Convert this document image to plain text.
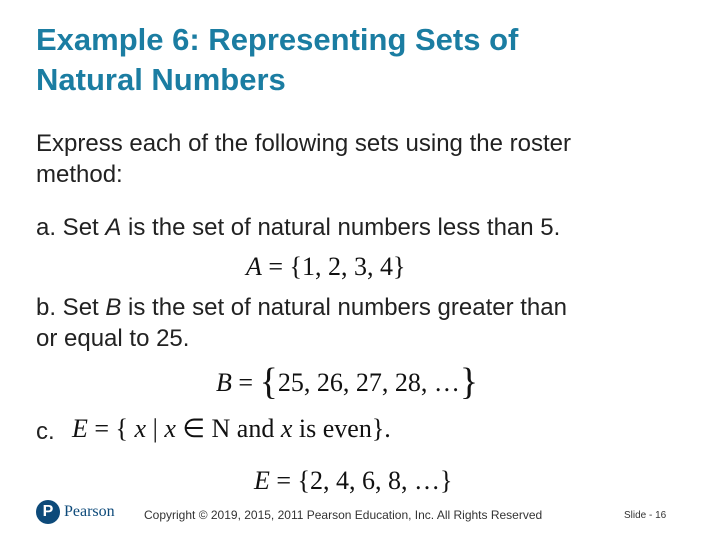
Example 6: Representing Sets of
Natural Numbers
Express each of the following sets using the roster
method:
a. Set A is the set of natural numbers less than 5.
A = {1, 2, 3, 4}
b. Set B is the set of natural numbers greater than
or equal to 25.
B = {25, 26, 27, 28, …}
c. E = { x | x ∈ N and x is even}.
E = {2, 4, 6, 8, …}
P Pearson Copyright © 2019, 2015, 2011 Pearson Education, Inc. All Rights Reserved	Slide - 16
